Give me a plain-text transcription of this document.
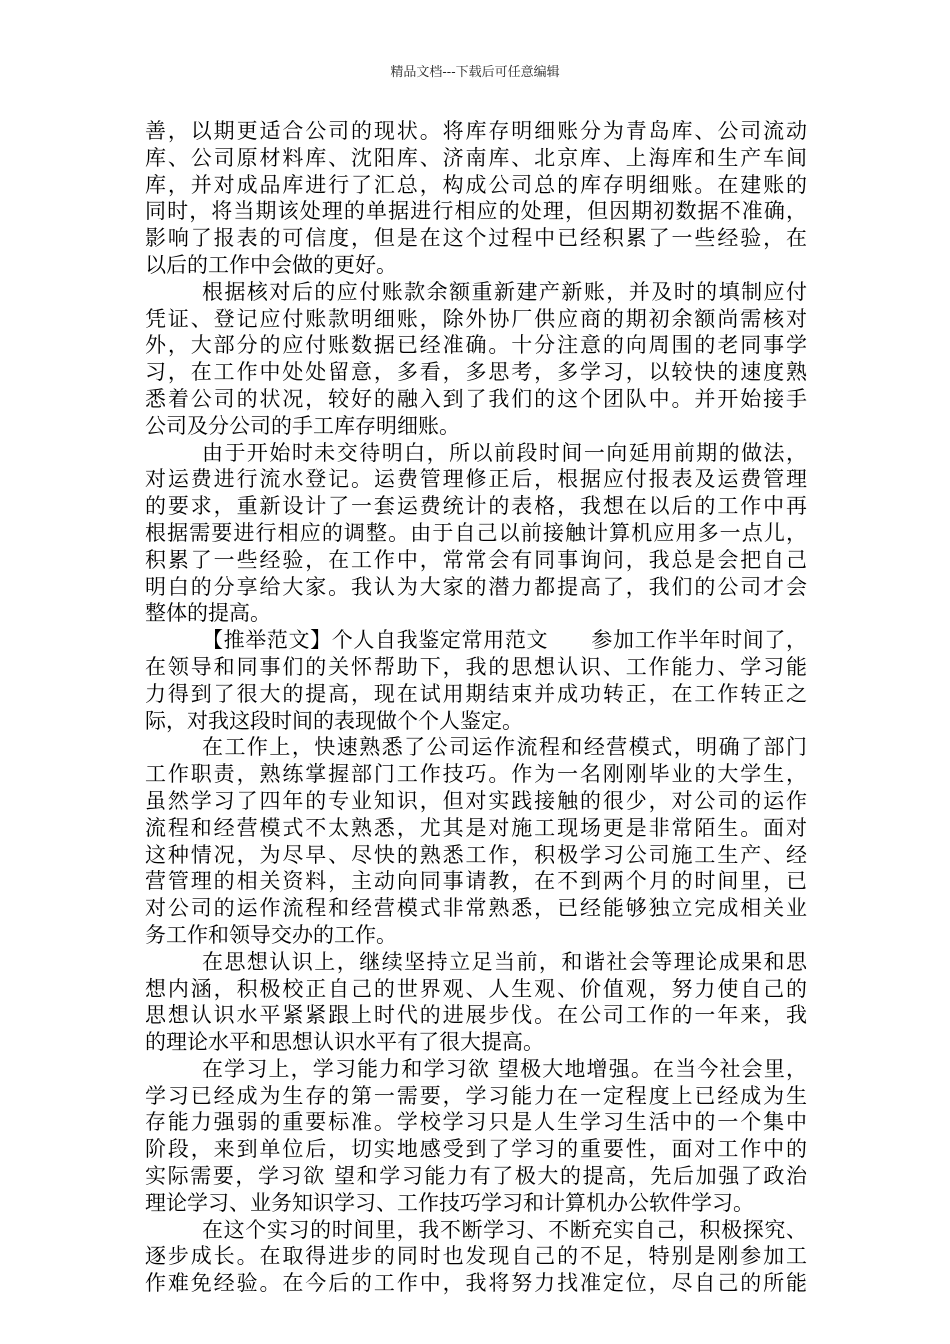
精品文档---下载后可任意编辑
善，以期更适合公司的现状。将库存明细账分为青岛库、公司流动
库、公司原材料库、沈阳库、济南库、北京库、上海库和生产车间
库，并对成品库进行了汇总，构成公司总的库存明细账。在建账的
同时，将当期该处理的单据进行相应的处理，但因期初数据不准确，
影响了报表的可信度，但是在这个过程中已经积累了一些经验，在
以后的工作中会做的更好。
根据核对后的应付账款余额重新建产新账，并及时的填制应付
凭证、登记应付账款明细账，除外协厂供应商的期初余额尚需核对
外，大部分的应付账数据已经准确。十分注意的向周围的老同事学
习，在工作中处处留意，多看，多思考，多学习，以较快的速度熟
悉着公司的状况，较好的融入到了我们的这个团队中。并开始接手
公司及分公司的手工库存明细账。
由于开始时未交待明白，所以前段时间一向延用前期的做法，
对运费进行流水登记。运费管理修正后，根据应付报表及运费管理
的要求，重新设计了一套运费统计的表格，我想在以后的工作中再
根据需要进行相应的调整。由于自己以前接触计算机应用多一点儿，
积累了一些经验，在工作中，常常会有同事询问，我总是会把自己
明白的分享给大家。我认为大家的潜力都提高了，我们的公司才会
整体的提高。
【推举范文】个人自我鉴定常用范文　　参加工作半年时间了，
在领导和同事们的关怀帮助下，我的思想认识、工作能力、学习能
力得到了很大的提高，现在试用期结束并成功转正，在工作转正之
际，对我这段时间的表现做个个人鉴定。
在工作上，快速熟悉了公司运作流程和经营模式，明确了部门
工作职责，熟练掌握部门工作技巧。作为一名刚刚毕业的大学生，
虽然学习了四年的专业知识，但对实践接触的很少，对公司的运作
流程和经营模式不太熟悉，尤其是对施工现场更是非常陌生。面对
这种情况，为尽早、尽快的熟悉工作，积极学习公司施工生产、经
营管理的相关资料，主动向同事请教，在不到两个月的时间里，已
对公司的运作流程和经营模式非常熟悉，已经能够独立完成相关业
务工作和领导交办的工作。
在思想认识上，继续坚持立足当前，和谐社会等理论成果和思
想内涵，积极校正自己的世界观、人生观、价值观，努力使自己的
思想认识水平紧紧跟上时代的进展步伐。在公司工作的一年来，我
的理论水平和思想认识水平有了很大提高。
在学习上，学习能力和学习欲 望极大地增强。在当今社会里，
学习已经成为生存的第一需要，学习能力在一定程度上已经成为生
存能力强弱的重要标准。学校学习只是人生学习生活中的一个集中
阶段，来到单位后，切实地感受到了学习的重要性，面对工作中的
实际需要，学习欲 望和学习能力有了极大的提高，先后加强了政治
理论学习、业务知识学习、工作技巧学习和计算机办公软件学习。
在这个实习的时间里，我不断学习、不断充实自己，积极探究、
逐步成长。在取得进步的同时也发现自己的不足，特别是刚参加工
作难免经验。在今后的工作中，我将努力找准定位，尽自己的所能
